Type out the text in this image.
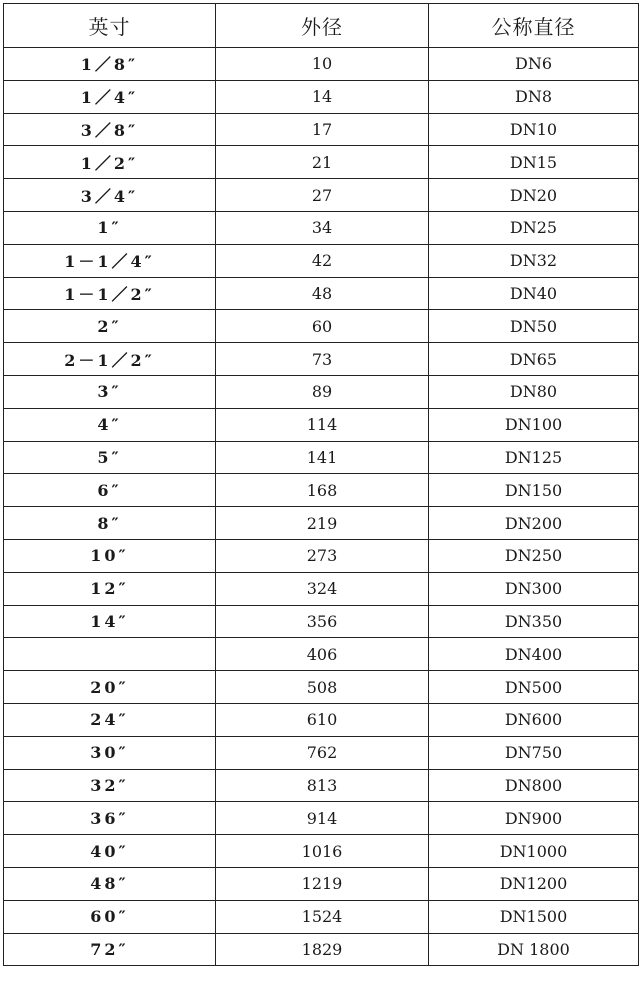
英寸	外径	公称直径
1／8″	10	DN6
1／4″	14	DN8
3／8″	17	DN10
1／2″	21	DN15
3／4″	27	DN20
1″	34	DN25
1－1／4″	42	DN32
1－1／2″	48	DN40
2″	60	DN50
2－1／2″	73	DN65
3″	89	DN80
4″	114	DN100
5″	141	DN125
6″	168	DN150
8″	219	DN200
10″	273	DN250
12″	324	DN300
14″	356	DN350
	406	DN400
20″	508	DN500
24″	610	DN600
30″	762	DN750
32″	813	DN800
36″	914	DN900
40″	1016	DN1000
48″	1219	DN1200
60″	1524	DN1500
72″	1829	DN 1800
